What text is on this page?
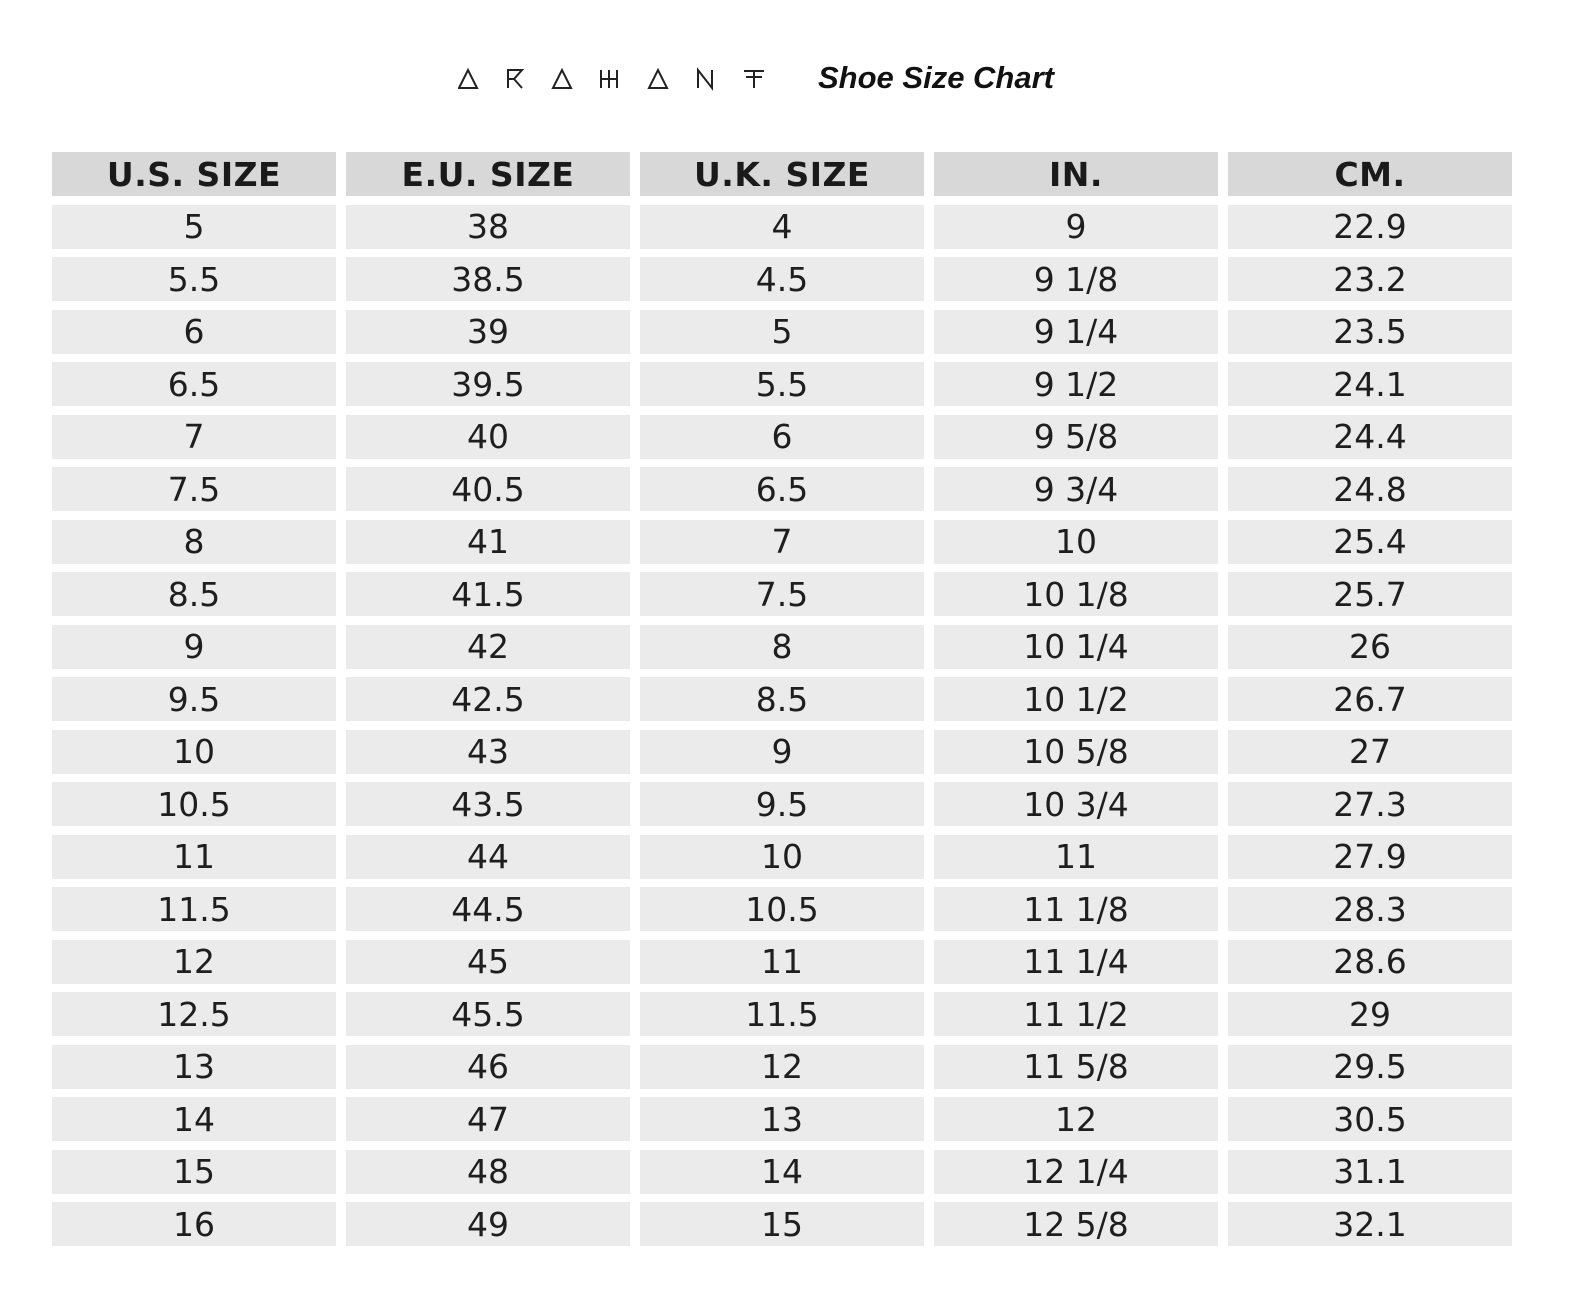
Shoe Size Chart
U.S. SIZE	E.U. SIZE	U.K. SIZE	IN.	CM.
5	38	4	9	22.9
5.5	38.5	4.5	9 1/8	23.2
6	39	5	9 1/4	23.5
6.5	39.5	5.5	9 1/2	24.1
7	40	6	9 5/8	24.4
7.5	40.5	6.5	9 3/4	24.8
8	41	7	10	25.4
8.5	41.5	7.5	10 1/8	25.7
9	42	8	10 1/4	26
9.5	42.5	8.5	10 1/2	26.7
10	43	9	10 5/8	27
10.5	43.5	9.5	10 3/4	27.3
11	44	10	11	27.9
11.5	44.5	10.5	11 1/8	28.3
12	45	11	11 1/4	28.6
12.5	45.5	11.5	11 1/2	29
13	46	12	11 5/8	29.5
14	47	13	12	30.5
15	48	14	12 1/4	31.1
16	49	15	12 5/8	32.1
